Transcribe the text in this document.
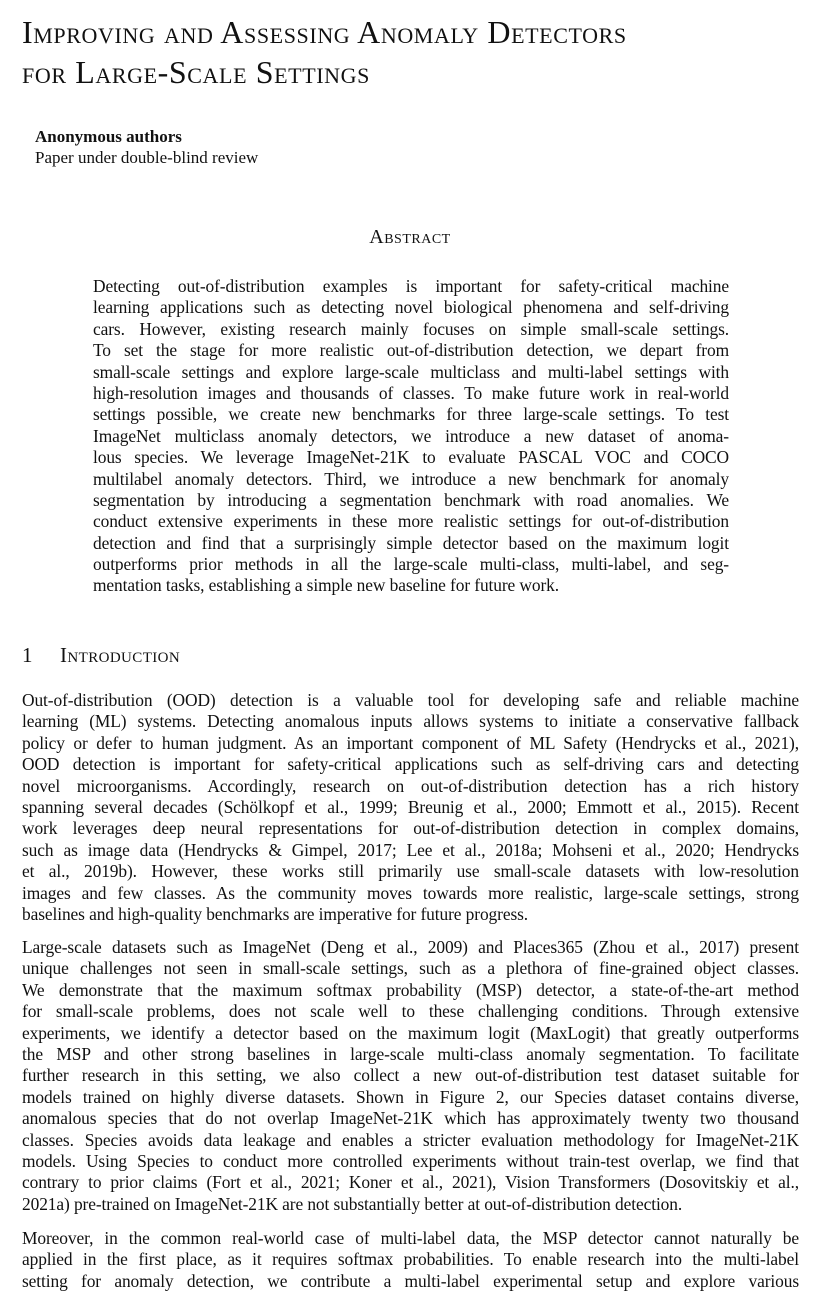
Improving and Assessing Anomaly Detectors
for Large-Scale Settings
Anonymous authors
Paper under double-blind review
Abstract
Detecting out-of-distribution examples is important for safety-critical machine
learning applications such as detecting novel biological phenomena and self-driving
cars. However, existing research mainly focuses on simple small-scale settings.
To set the stage for more realistic out-of-distribution detection, we depart from
small-scale settings and explore large-scale multiclass and multi-label settings with
high-resolution images and thousands of classes. To make future work in real-world
settings possible, we create new benchmarks for three large-scale settings. To test
ImageNet multiclass anomaly detectors, we introduce a new dataset of anoma-
lous species. We leverage ImageNet-21K to evaluate PASCAL VOC and COCO
multilabel anomaly detectors. Third, we introduce a new benchmark for anomaly
segmentation by introducing a segmentation benchmark with road anomalies. We
conduct extensive experiments in these more realistic settings for out-of-distribution
detection and find that a surprisingly simple detector based on the maximum logit
outperforms prior methods in all the large-scale multi-class, multi-label, and seg-
mentation tasks, establishing a simple new baseline for future work.
1 Introduction
Out-of-distribution (OOD) detection is a valuable tool for developing safe and reliable machine
learning (ML) systems. Detecting anomalous inputs allows systems to initiate a conservative fallback
policy or defer to human judgment. As an important component of ML Safety (Hendrycks et al., 2021),
OOD detection is important for safety-critical applications such as self-driving cars and detecting
novel microorganisms. Accordingly, research on out-of-distribution detection has a rich history
spanning several decades (Schölkopf et al., 1999; Breunig et al., 2000; Emmott et al., 2015). Recent
work leverages deep neural representations for out-of-distribution detection in complex domains,
such as image data (Hendrycks & Gimpel, 2017; Lee et al., 2018a; Mohseni et al., 2020; Hendrycks
et al., 2019b). However, these works still primarily use small-scale datasets with low-resolution
images and few classes. As the community moves towards more realistic, large-scale settings, strong
baselines and high-quality benchmarks are imperative for future progress.
Large-scale datasets such as ImageNet (Deng et al., 2009) and Places365 (Zhou et al., 2017) present
unique challenges not seen in small-scale settings, such as a plethora of fine-grained object classes.
We demonstrate that the maximum softmax probability (MSP) detector, a state-of-the-art method
for small-scale problems, does not scale well to these challenging conditions. Through extensive
experiments, we identify a detector based on the maximum logit (MaxLogit) that greatly outperforms
the MSP and other strong baselines in large-scale multi-class anomaly segmentation. To facilitate
further research in this setting, we also collect a new out-of-distribution test dataset suitable for
models trained on highly diverse datasets. Shown in Figure 2, our Species dataset contains diverse,
anomalous species that do not overlap ImageNet-21K which has approximately twenty two thousand
classes. Species avoids data leakage and enables a stricter evaluation methodology for ImageNet-21K
models. Using Species to conduct more controlled experiments without train-test overlap, we find that
contrary to prior claims (Fort et al., 2021; Koner et al., 2021), Vision Transformers (Dosovitskiy et al.,
2021a) pre-trained on ImageNet-21K are not substantially better at out-of-distribution detection.
Moreover, in the common real-world case of multi-label data, the MSP detector cannot naturally be
applied in the first place, as it requires softmax probabilities. To enable research into the multi-label
setting for anomaly detection, we contribute a multi-label experimental setup and explore various
